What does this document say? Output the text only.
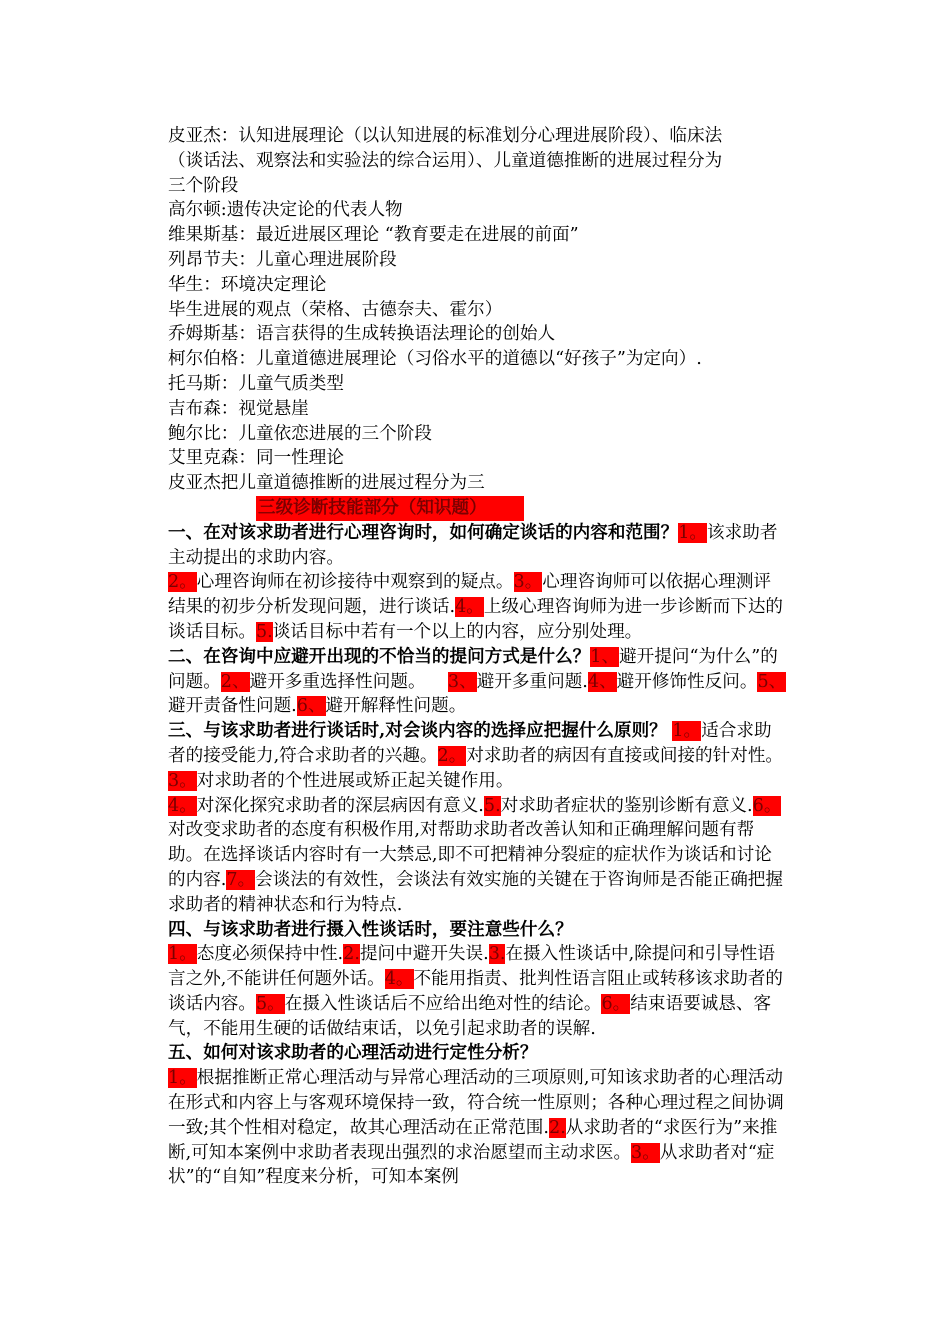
皮亚杰：认知进展理论（以认知进展的标准划分心理进展阶段）、临床法
（谈话法、观察法和实验法的综合运用）、儿童道德推断的进展过程分为
三个阶段
高尔顿:遗传决定论的代表人物
维果斯基：最近进展区理论 “教育要走在进展的前面”
列昂节夫：儿童心理进展阶段
华生：环境决定理论
毕生进展的观点（荣格、古德奈夫、霍尔）
乔姆斯基：语言获得的生成转换语法理论的创始人
柯尔伯格：儿童道德进展理论（习俗水平的道德以“好孩子”为定向）.
托马斯：儿童气质类型
吉布森：视觉悬崖
鲍尔比：儿童依恋进展的三个阶段
艾里克森：同一性理论
皮亚杰把儿童道德推断的进展过程分为三
三级诊断技能部分（知识题）

一、在对该求助者进行心理咨询时，如何确定谈话的内容和范围？1。该求助者主动提出的求助内容。

2。心理咨询师在初诊接待中观察到的疑点。3。心理咨询师可以依据心理测评结果的初步分析发现问题，进行谈话.4。上级心理咨询师为进一步诊断而下达的谈话目标。5.谈话目标中若有一个以上的内容，应分别处理。

二、在咨询中应避开出现的不恰当的提问方式是什么？1、避开提问“为什么”的问题。2、避开多重选择性问题。 3、避开多重问题.4、避开修饰性反问。5、避开责备性问题.6、避开解释性问题。

三、与该求助者进行谈话时,对会谈内容的选择应把握什么原则？ 1。适合求助者的接受能力,符合求助者的兴趣。2。对求助者的病因有直接或间接的针对性。3。对求助者的个性进展或矫正起关键作用。

4。对深化探究求助者的深层病因有意义.5.对求助者症状的鉴别诊断有意义.6。对改变求助者的态度有积极作用,对帮助求助者改善认知和正确理解问题有帮助。在选择谈话内容时有一大禁忌,即不可把精神分裂症的症状作为谈话和讨论的内容.7。会谈法的有效性，会谈法有效实施的关键在于咨询师是否能正确把握求助者的精神状态和行为特点.

四、与该求助者进行摄入性谈话时，要注意些什么？

1。态度必须保持中性.2.提问中避开失误.3.在摄入性谈话中,除提问和引导性语言之外,不能讲任何题外话。4。不能用指责、批判性语言阻止或转移该求助者的谈话内容。5。在摄入性谈话后不应给出绝对性的结论。6。结束语要诚恳、客气，不能用生硬的话做结束话，以免引起求助者的误解.

五、如何对该求助者的心理活动进行定性分析？

1。根据推断正常心理活动与异常心理活动的三项原则,可知该求助者的心理活动在形式和内容上与客观环境保持一致，符合统一性原则；各种心理过程之间协调一致;其个性相对稳定，故其心理活动在正常范围.2.从求助者的“求医行为”来推断,可知本案例中求助者表现出强烈的求治愿望而主动求医。3。从求助者对“症状”的“自知”程度来分析，可知本案例
